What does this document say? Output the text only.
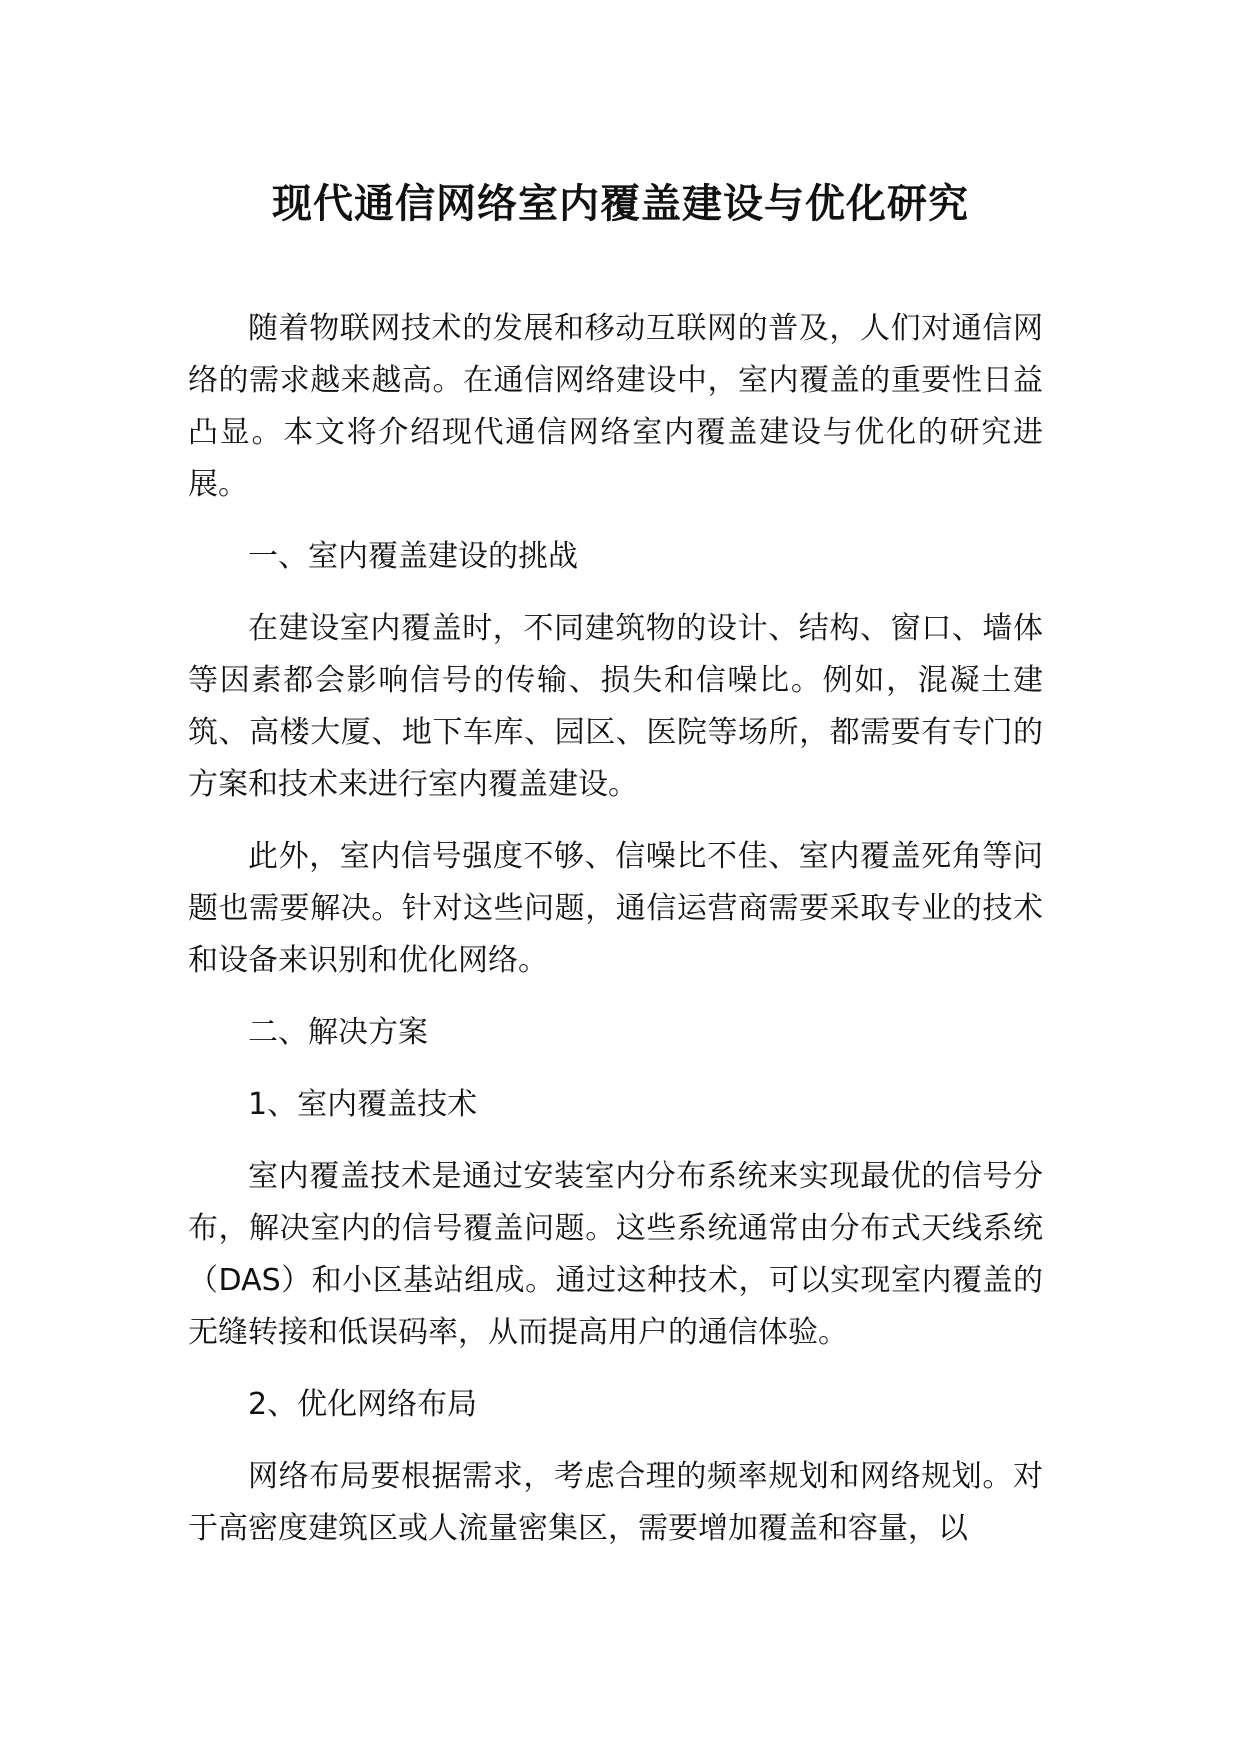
现代通信网络室内覆盖建设与优化研究

随着物联网技术的发展和移动互联网的普及，人们对通信网络的需求越来越高。在通信网络建设中，室内覆盖的重要性日益凸显。本文将介绍现代通信网络室内覆盖建设与优化的研究进展。

一、室内覆盖建设的挑战

在建设室内覆盖时，不同建筑物的设计、结构、窗口、墙体等因素都会影响信号的传输、损失和信噪比。例如，混凝土建筑、高楼大厦、地下车库、园区、医院等场所，都需要有专门的方案和技术来进行室内覆盖建设。

此外，室内信号强度不够、信噪比不佳、室内覆盖死角等问题也需要解决。针对这些问题，通信运营商需要采取专业的技术和设备来识别和优化网络。

二、解决方案

1、室内覆盖技术

室内覆盖技术是通过安装室内分布系统来实现最优的信号分布，解决室内的信号覆盖问题。这些系统通常由分布式天线系统（DAS）和小区基站组成。通过这种技术，可以实现室内覆盖的无缝转接和低误码率，从而提高用户的通信体验。

2、优化网络布局

网络布局要根据需求，考虑合理的频率规划和网络规划。对于高密度建筑区或人流量密集区，需要增加覆盖和容量，以
